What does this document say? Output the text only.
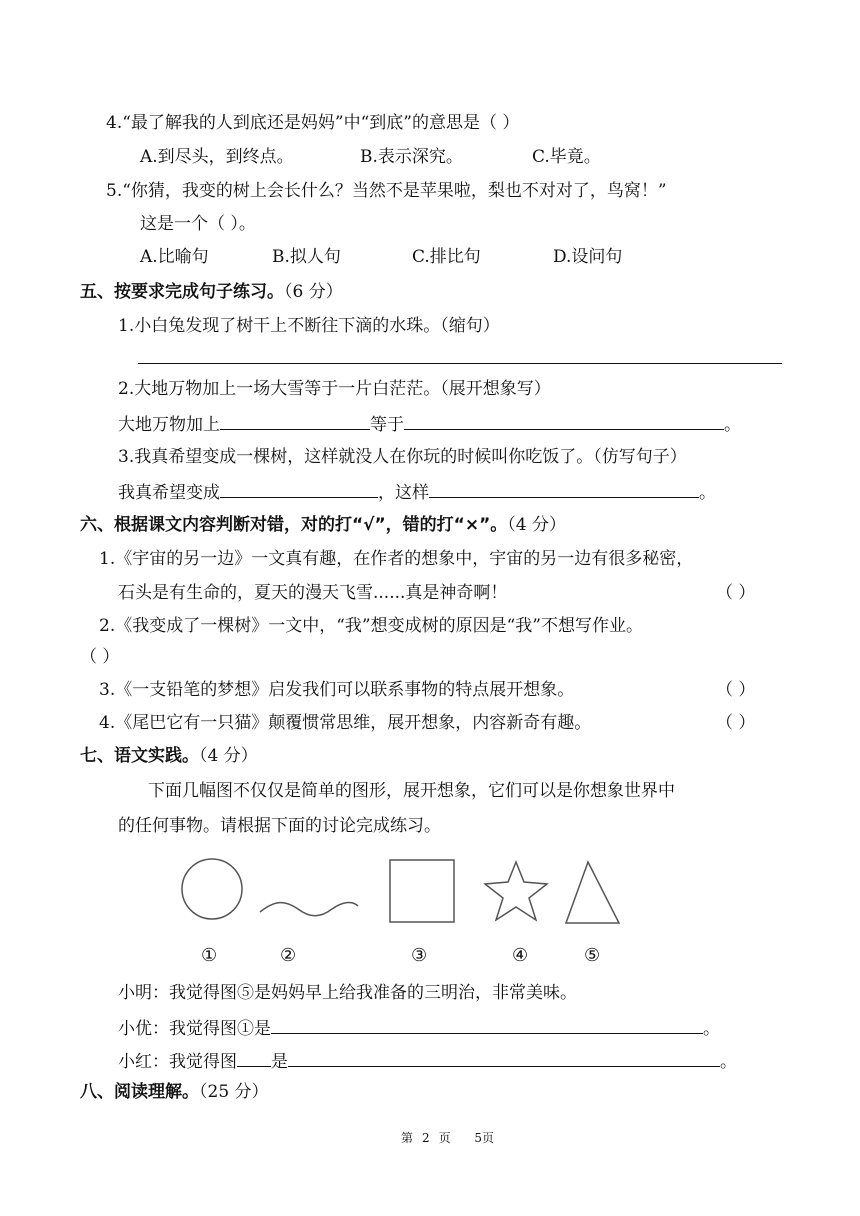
4.“最了解我的人到底还是妈妈”中“到底”的意思是（ ）
A.到尽头，到终点。	B.表示深究。	C.毕竟。
5.“你猜，我变的树上会长什么？当然不是苹果啦，梨也不对对了，鸟窝！”
这是一个（ ）。
A.比喻句	B.拟人句	C.排比句	D.设问句
五、按要求完成句子练习。（6 分）
1.小白兔发现了树干上不断往下滴的水珠。（缩句）
2.大地万物加上一场大雪等于一片白茫茫。（展开想象写）
大地万物加上	等于	。
3.我真希望变成一棵树，这样就没人在你玩的时候叫你吃饭了。（仿写句子）
我真希望变成	，这样	。
六、根据课文内容判断对错，对的打“√”，错的打“×”。（4 分）
1.《宇宙的另一边》一文真有趣，在作者的想象中，宇宙的另一边有很多秘密，
石头是有生命的，夏天的漫天飞雪......真是神奇啊！	（ ）
2.《我变成了一棵树》一文中，“我”想变成树的原因是“我”不想写作业。
（ ）
3.《一支铅笔的梦想》启发我们可以联系事物的特点展开想象。	（ ）
4.《尾巴它有一只猫》颠覆惯常思维，展开想象，内容新奇有趣。	（ ）
七、语文实践。（4 分）
下面几幅图不仅仅是简单的图形，展开想象，它们可以是你想象世界中
的任何事物。请根据下面的讨论完成练习。
①	②	③	④	⑤
小明：我觉得图⑤是妈妈早上给我准备的三明治，非常美味。
小优：我觉得图①是	。
小红：我觉得图 是	。
八、阅读理解。（25 分）
第 2 页 5页
